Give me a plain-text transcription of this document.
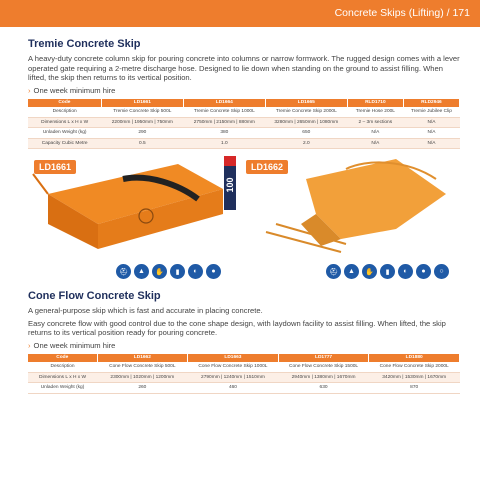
Concrete Skips (Lifting) / 171
Tremie Concrete Skip

A heavy-duty concrete column skip for pouring concrete into columns or narrow formwork. The rugged design comes with a lever operated gate requiring a 2-metre discharge hose. Designed to lie down when standing on the ground to assist filling. When lifted, the skip then returns to its vertical position.

› One week minimum hire
Code	LD1661	LD1664	LD1665	RLD1710	RLD2946
Description	Tremie Concrete Skip 500L	Tremie Concrete Skip 1000L	Tremie Concrete Skip 2000L	Tremie Hose 200L	Tremie Jubilee Clip
Dimensions L x H x W	2200mm | 1950mm | 750mm	2750mm | 2150mm | 880mm	3280mm | 2650mm | 1080mm	2 – 3m sections	N/A
Unladen Weight (kg)	290	380	650	N/A	N/A
Capacity Cubic Metre	0.5	1.0	2.0	N/A	N/A
LD1661
100
LD1662
⛑	▲	✋	▮	◐	●	⛑	▲	✋	▮	◐	●	○
Cone Flow Concrete Skip

A general-purpose skip which is fast and accurate in placing concrete.

Easy concrete flow with good control due to the cone shape design, with laydown facility to assist filling. When lifted, the skip returns to its vertical position ready for pouring concrete.

› One week minimum hire
Code	LD1662	LD1663	LD1777	LD1880
Description	Cone Flow Concrete Skip 500L	Cone Flow Concrete Skip 1000L	Cone Flow Concrete Skip 1500L	Cone Flow Concrete Skip 2000L
Dimensions L x H x W	2300mm | 1020mm | 1200mm	2790mm | 1240mm | 1510mm	2940mm | 1380mm | 1670mm	3420mm | 1530mm | 1670mm
Unladen Weight (kg)	260	460	630	870
